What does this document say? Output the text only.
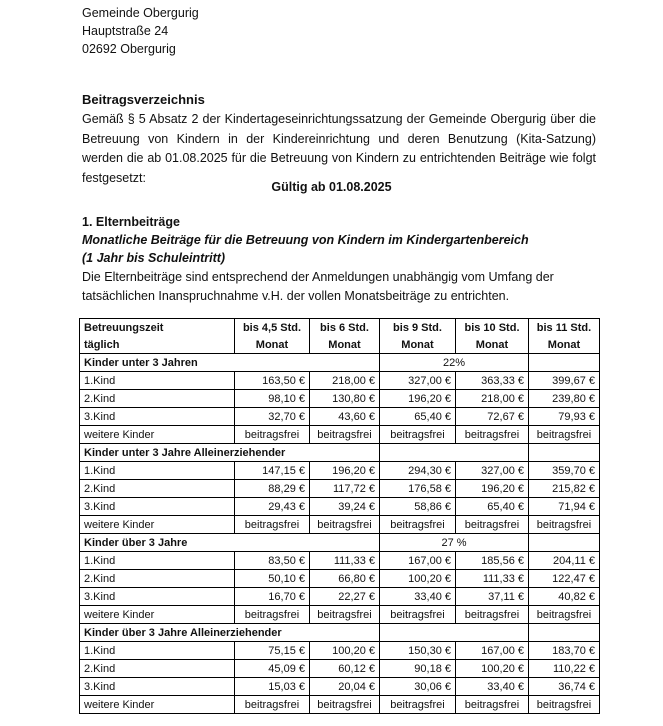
Gemeinde Obergurig
Hauptstraße 24
02692 Obergurig
Beitragsverzeichnis
Gemäß § 5 Absatz 2 der Kindertageseinrichtungssatzung der Gemeinde Obergurig über die Betreuung von Kindern in der Kindereinrichtung und deren Benutzung (Kita-Satzung) werden die ab 01.08.2025 für die Betreuung von Kindern zu entrichtenden Beiträge wie folgt festgesetzt:
Gültig ab 01.08.2025
1. Elternbeiträge
Monatliche Beiträge für die Betreuung von Kindern im Kindergartenbereich
(1 Jahr bis Schuleintritt)
Die Elternbeiträge sind entsprechend der Anmeldungen unabhängig vom Umfang der tatsächlichen Inanspruchnahme v.H. der vollen Monatsbeiträge zu entrichten.
Betreuungszeit	bis 4,5 Std.	bis 6 Std.	bis 9 Std.	bis 10 Std.	bis 11 Std.
täglich	Monat	Monat	Monat	Monat	Monat
Kinder unter 3 Jahren			22%		
1.Kind	163,50 €	218,00 €	327,00 €	363,33 €	399,67 €
2.Kind	98,10 €	130,80 €	196,20 €	218,00 €	239,80 €
3.Kind	32,70 €	43,60 €	65,40 €	72,67 €	79,93 €
weitere Kinder	beitragsfrei	beitragsfrei	beitragsfrei	beitragsfrei	beitragsfrei
Kinder unter 3 Jahre Alleinerziehender					
1.Kind	147,15 €	196,20 €	294,30 €	327,00 €	359,70 €
2.Kind	88,29 €	117,72 €	176,58 €	196,20 €	215,82 €
3.Kind	29,43 €	39,24 €	58,86 €	65,40 €	71,94 €
weitere Kinder	beitragsfrei	beitragsfrei	beitragsfrei	beitragsfrei	beitragsfrei
Kinder über 3 Jahre			27 %		
1.Kind	83,50 €	111,33 €	167,00 €	185,56 €	204,11 €
2.Kind	50,10 €	66,80 €	100,20 €	111,33 €	122,47 €
3.Kind	16,70 €	22,27 €	33,40 €	37,11 €	40,82 €
weitere Kinder	beitragsfrei	beitragsfrei	beitragsfrei	beitragsfrei	beitragsfrei
Kinder über 3 Jahre Alleinerziehender					
1.Kind	75,15 €	100,20 €	150,30 €	167,00 €	183,70 €
2.Kind	45,09 €	60,12 €	90,18 €	100,20 €	110,22 €
3.Kind	15,03 €	20,04 €	30,06 €	33,40 €	36,74 €
weitere Kinder	beitragsfrei	beitragsfrei	beitragsfrei	beitragsfrei	beitragsfrei
